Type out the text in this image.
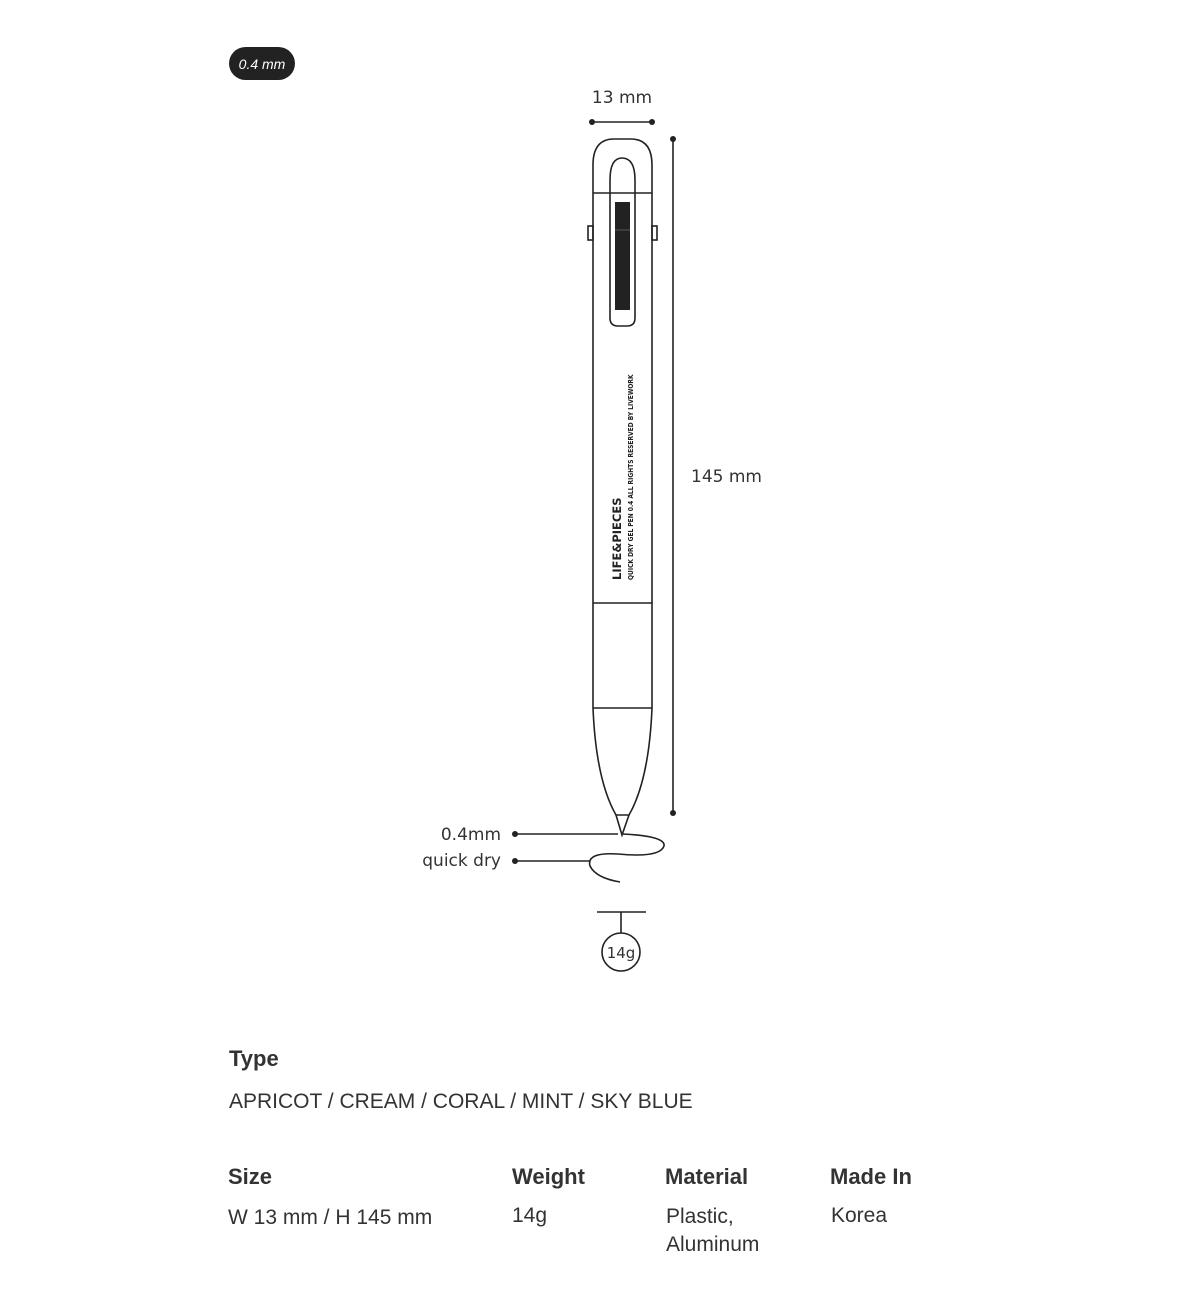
0.4 mm
13 mm
145 mm
0.4mm
quick dry
14g
LIFE&PIECES QUICK DRY GEL PEN 0.4 ALL RIGHTS RESERVED BY LIVEWORK
Type
APRICOT / CREAM / CORAL / MINT / SKY BLUE
Size
W 13 mm / H 145 mm
Weight
14g
Material
Plastic,
Aluminum
Made In
Korea
